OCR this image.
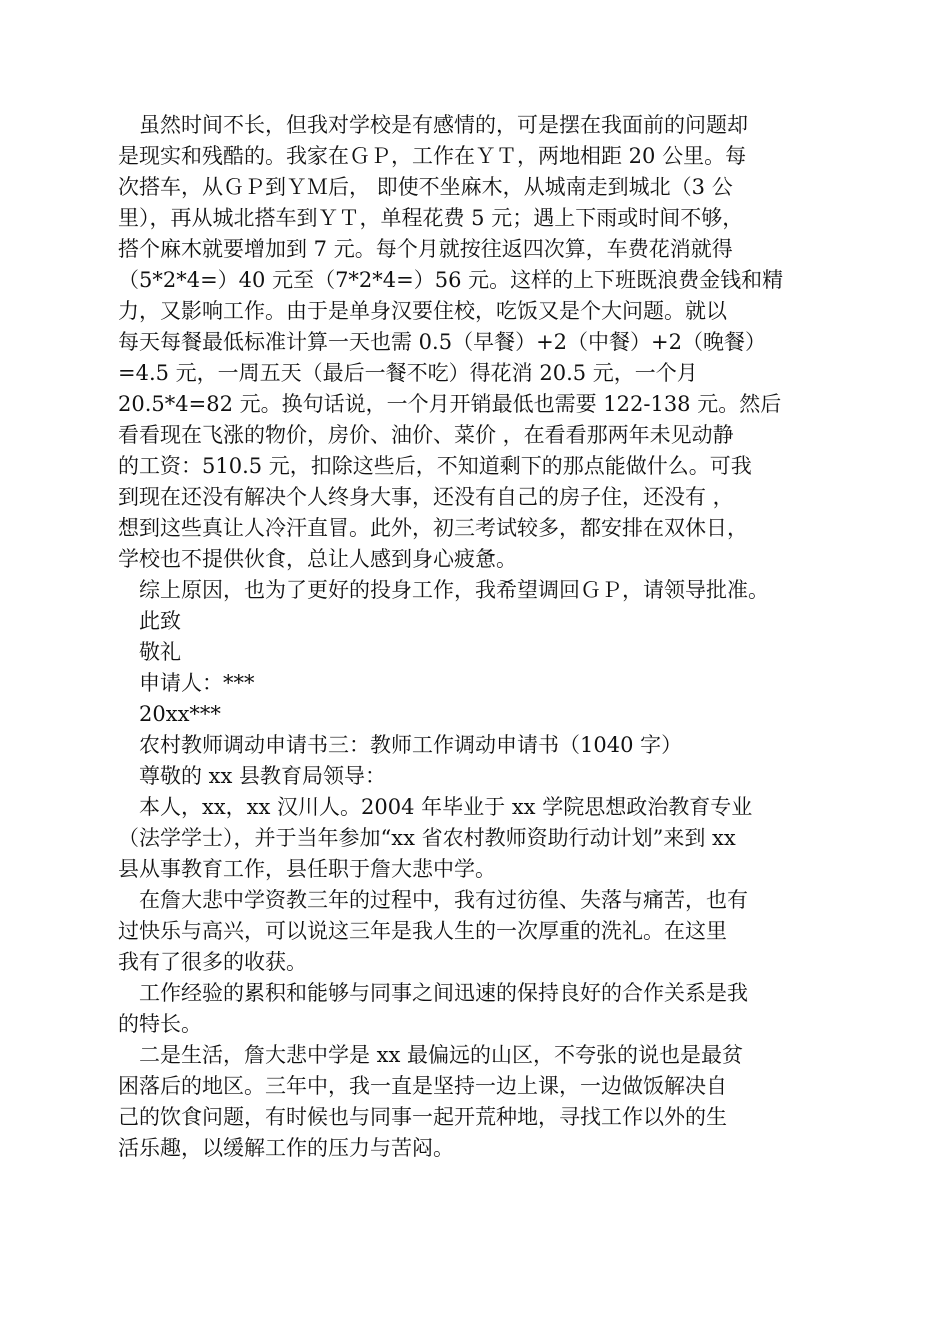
　虽然时间不长，但我对学校是有感情的，可是摆在我面前的问题却
是现实和残酷的。我家在ＧＰ，工作在ＹＴ，两地相距 20 公里。每
次搭车，从ＧＰ到ＹＭ后， 即使不坐麻木，从城南走到城北（3 公
里），再从城北搭车到ＹＴ，单程花费 5 元；遇上下雨或时间不够，
搭个麻木就要增加到 7 元。每个月就按往返四次算，车费花消就得
（5*2*4=）40 元至（7*2*4=）56 元。这样的上下班既浪费金钱和精
力，又影响工作。由于是单身汉要住校，吃饭又是个大问题。就以
每天每餐最低标准计算一天也需 0.5（早餐）+2（中餐）+2（晚餐）
=4.5 元，一周五天（最后一餐不吃）得花消 20.5 元，一个月
20.5*4=82 元。换句话说，一个月开销最低也需要 122-138 元。然后
看看现在飞涨的物价，房价、油价、菜价 ，在看看那两年未见动静
的工资：510.5 元，扣除这些后，不知道剩下的那点能做什么。可我
到现在还没有解决个人终身大事，还没有自己的房子住，还没有 ，
想到这些真让人冷汗直冒。此外，初三考试较多，都安排在双休日，
学校也不提供伙食，总让人感到身心疲惫。
　综上原因，也为了更好的投身工作，我希望调回ＧＰ，请领导批准。
　此致
　敬礼
　申请人：***
　20xx***
　农村教师调动申请书三：教师工作调动申请书（1040 字）
　尊敬的 xx 县教育局领导：
　本人，xx，xx 汉川人。2004 年毕业于 xx 学院思想政治教育专业
（法学学士），并于当年参加“xx 省农村教师资助行动计划”来到 xx
县从事教育工作，县任职于詹大悲中学。
　在詹大悲中学资教三年的过程中，我有过彷徨、失落与痛苦，也有
过快乐与高兴，可以说这三年是我人生的一次厚重的洗礼。在这里
我有了很多的收获。
　工作经验的累积和能够与同事之间迅速的保持良好的合作关系是我
的特长。
　二是生活，詹大悲中学是 xx 最偏远的山区，不夸张的说也是最贫
困落后的地区。三年中，我一直是坚持一边上课，一边做饭解决自
己的饮食问题，有时候也与同事一起开荒种地，寻找工作以外的生
活乐趣，以缓解工作的压力与苦闷。
